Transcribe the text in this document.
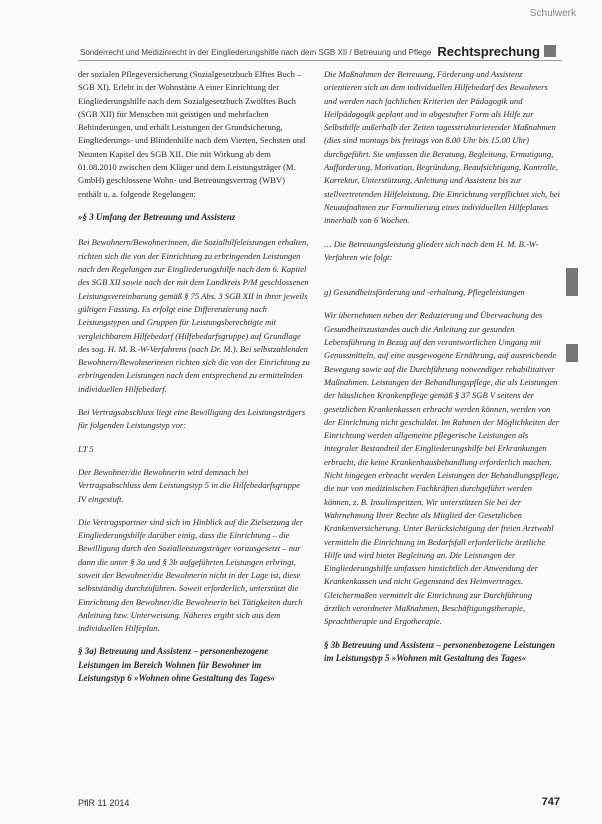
Schulwerk
Sonderrecht und Medizinrecht in der Eingliederungshilfe nach dem SGB XII / Betreuung und Pflege Rechtsprechung

der sozialen Pflegeversicherung (Sozialgesetzbuch Elftes Buch – SGB XI). Erlebt in der Wohnstätte A einer Einrichtung der Eingliederungshilfe nach dem Sozialgesetzbuch Zwölftes Buch (SGB XII) für Menschen mit geistigen und mehrfachen Behinderungen, und erhält Leistungen der Grundsicherung, Eingliederungs- und Blindenhilfe nach dem Vierten, Sechsten und Neunten Kapitel des SGB XII. Die mit Wirkung ab dem 01.08.2010 zwischen dem Kläger und dem Leistungsträger (M. GmbH) geschlossene Wohn- und Betreuungsvertrag (WBV) enthält u. a. folgende Regelungen:

»§ 3 Umfang der Betreuung und Assistenz

Bei Bewohnern/Bewohnerinnen, die Sozialhilfeleistungen erhalten, richten sich die von der Einrichtung zu erbringenden Leistungen nach den Regelungen zur Eingliederungshilfe nach dem 6. Kapitel des SGB XII sowie nach der mit dem Landkreis P/M geschlossenen Leistungsvereinbarung gemäß § 75 Abs. 3 SGB XII in ihrer jeweils gültigen Fassung. Es erfolgt eine Differenzierung nach Leistungstypen und Gruppen für Leistungsberechtigte mit vergleichbarem Hilfebedarf (Hilfebedarfsgruppe) auf Grundlage des sog. H. M. B.-W-Verfahrens (nach Dr. M.). Bei selbstzahlenden Bewohnern/Bewohnerinnen richten sich die von der Einrichtung zu erbringenden Leistungen nach dem entsprechend zu ermittelnden individuellen Hilfebedarf.

Bei Vertragsabschluss liegt eine Bewilligung des Leistungsträgers für folgenden Leistungstyp vor:

LT 5

Der Bewohner/die Bewohnerin wird demnach bei Vertragsabschluss dem Leistungstyp 5 in die Hilfebedarfsgruppe IV eingestuft.

Die Vertragspartner sind sich im Hinblick auf die Zielsetzung der Eingliederungshilfe darüber einig, dass die Einrichtung – die Bewilligung durch den Sozialleistungsträger vorausgesetzt – nur dann die unter § 3a und § 3b aufgeführten Leistungen erbringt, soweit der Bewohner/die Bewohnerin nicht in der Lage ist, diese selbstständig durchzuführen. Soweit erforderlich, unterstützt die Einrichtung den Bewohner/die Bewohnerin bei Tätigkeiten durch Anleitung bzw. Unterweisung. Näheres ergibt sich aus dem individuellen Hilfeplan.

§ 3a) Betreuung und Assistenz – personenbezogene Leistungen im Bereich Wohnen für Bewohner im Leistungstyp 6 »Wohnen ohne Gestaltung des Tages«

Die Maßnahmen der Betreuung, Förderung und Assistenz orientieren sich an dem individuellen Hilfebedarf des Bewohners und werden nach fachlichen Kriterien der Pädagogik und Heilpädagogik geplant und in abgestufter Form als Hilfe zur Selbsthilfe außerhalb der Zeiten tagesstrukturierender Maßnahmen (dies sind montags bis freitags von 8.00 Uhr bis 15.00 Uhr) durchgeführt. Sie umfassen die Beratung, Begleitung, Ermutigung, Aufforderung, Motivation, Begründung, Beaufsichtigung, Kontrolle, Korrektur, Unterstützung, Anleitung und Assistenz bis zur stellvertretenden Hilfeleistung. Die Einrichtung verpflichtet sich, bei Neuaufnahmen zur Formulierung eines individuellen Hilfeplanes innerhalb von 6 Wochen.

… Die Betreuungsleistung gliedert sich nach dem H. M. B.-W-Verfahren wie folgt:

g) Gesundheitsförderung und -erhaltung, Pflegeleistungen

Wir übernehmen neben der Reduzierung und Überwachung des Gesundheitszustandes auch die Anleitung zur gesunden Lebensführung in Bezug auf den verantwortlichen Umgang mit Genussmitteln, auf eine ausgewogene Ernährung, auf ausreichende Bewegung sowie auf die Durchführung notwendiger rehabilitativer Maßnahmen. Leistungen der Behandlungspflege, die als Leistungen der häuslichen Krankenpflege gemäß § 37 SGB V seitens der gesetzlichen Krankenkassen erbracht werden können, werden von der Einrichtung nicht geschuldet. Im Rahmen der Möglichkeiten der Einrichtung werden allgemeine pflegerische Leistungen als integraler Bestandteil der Eingliederungshilfe bei Erkrankungen erbracht, die keine Krankenhausbehandlung erforderlich machen. Nicht hingegen erbracht werden Leistungen der Behandlungspflege, die nur von medizinischen Fachkräften durchgeführt werden können, z. B. Insulinspritzen. Wir unterstützen Sie bei der Wahrnehmung Ihrer Rechte als Mitglied der Gesetzlichen Krankenversicherung. Unter Berücksichtigung der freien Arztwahl vermitteln die Einrichtung im Bedarfsfall erforderliche ärztliche Hilfe und wird bietet Begleitung an. Die Leistungen der Eingliederungshilfe umfassen hinsichtlich der Anwendung der Krankenkassen und nicht Gegenstand des Heimvertrages. Gleichermaßen vermittelt die Einrichtung zur Durchführung ärztlich verordneter Maßnahmen, Beschäftigungstherapie, Sprachtherapie und Ergotherapie.

§ 3b Betreuung und Assistenz – personenbezogene Leistungen im Leistungstyp 5 »Wohnen mit Gestaltung des Tages«
PflR 11 2014	747
